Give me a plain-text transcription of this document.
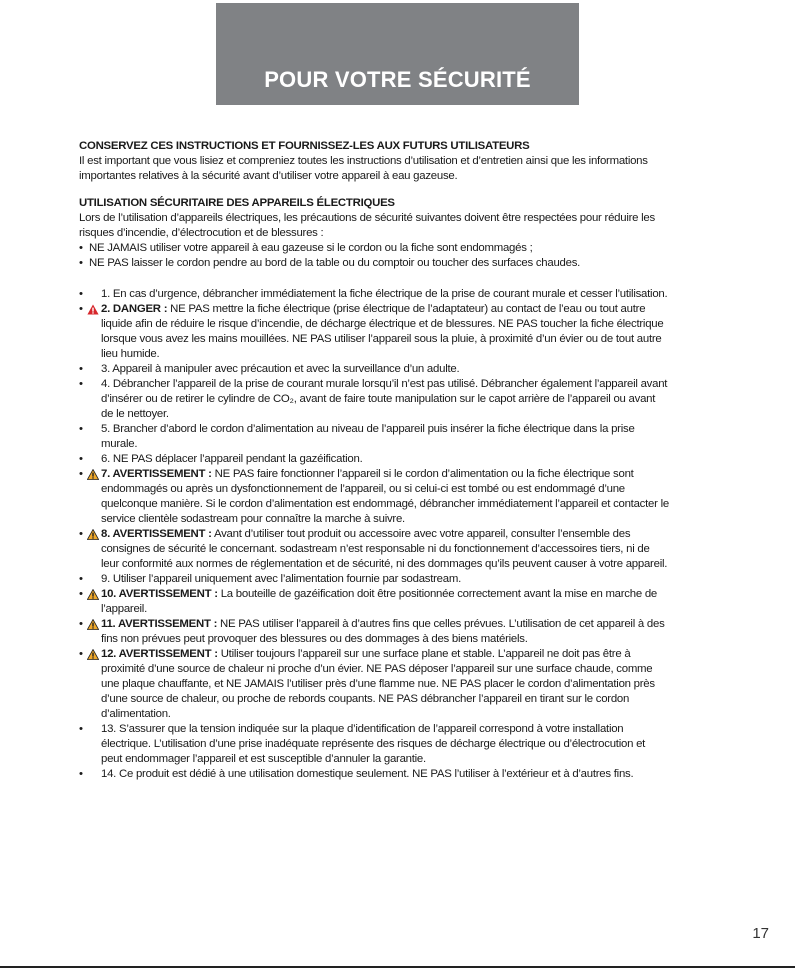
POUR VOTRE SÉCURITÉ

CONSERVEZ CES INSTRUCTIONS ET FOURNISSEZ-LES AUX FUTURS UTILISATEURS

Il est important que vous lisiez et compreniez toutes les instructions d’utilisation et d’entretien ainsi que les informations importantes relatives à la sécurité avant d’utiliser votre appareil à eau gazeuse.

UTILISATION SÉCURITAIRE DES APPAREILS ÉLECTRIQUES

Lors de l’utilisation d’appareils électriques, les précautions de sécurité suivantes doivent être respectées pour réduire les risques d’incendie, d’électrocution et de blessures :

• NE JAMAIS utiliser votre appareil à eau gazeuse si le cordon ou la fiche sont endommagés ;
• NE PAS laisser le cordon pendre au bord de la table ou du comptoir ou toucher des surfaces chaudes.
•	1. En cas d’urgence, débrancher immédiatement la fiche électrique de la prise de courant murale et cesser l’utilisation.
•	2. DANGER : NE PAS mettre la fiche électrique (prise électrique de l’adaptateur) au contact de l’eau ou tout autre liquide afin de réduire le risque d’incendie, de décharge électrique et de blessures. NE PAS toucher la fiche électrique lorsque vous avez les mains mouillées. NE PAS utiliser l’appareil sous la pluie, à proximité d’un évier ou de tout autre lieu humide.
•	3. Appareil à manipuler avec précaution et avec la surveillance d’un adulte.
•	4. Débrancher l’appareil de la prise de courant murale lorsqu’il n’est pas utilisé. Débrancher également l’appareil avant d’insérer ou de retirer le cylindre de CO₂, avant de faire toute manipulation sur le capot arrière de l’appareil ou avant de le nettoyer.
•	5. Brancher d’abord le cordon d’alimentation au niveau de l’appareil puis insérer la fiche électrique dans la prise murale.
•	6. NE PAS déplacer l’appareil pendant la gazéification.
•	7. AVERTISSEMENT : NE PAS faire fonctionner l’appareil si le cordon d’alimentation ou la fiche électrique sont endommagés ou après un dysfonctionnement de l’appareil, ou si celui-ci est tombé ou est endommagé d’une quelconque manière. Si le cordon d’alimentation est endommagé, débrancher immédiatement l’appareil et contacter le service clientèle sodastream pour connaître la marche à suivre.
•	8. AVERTISSEMENT : Avant d’utiliser tout produit ou accessoire avec votre appareil, consulter l’ensemble des consignes de sécurité le concernant. sodastream n’est responsable ni du fonctionnement d’accessoires tiers, ni de leur conformité aux normes de réglementation et de sécurité, ni des dommages qu’ils peuvent causer à votre appareil.
•	9. Utiliser l’appareil uniquement avec l’alimentation fournie par sodastream.
•	10. AVERTISSEMENT : La bouteille de gazéification doit être positionnée correctement avant la mise en marche de l’appareil.
•	11. AVERTISSEMENT : NE PAS utiliser l’appareil à d’autres fins que celles prévues. L’utilisation de cet appareil à des fins non prévues peut provoquer des blessures ou des dommages à des biens matériels.
•	12. AVERTISSEMENT : Utiliser toujours l’appareil sur une surface plane et stable. L’appareil ne doit pas être à proximité d’une source de chaleur ni proche d’un évier. NE PAS déposer l’appareil sur une surface chaude, comme une plaque chauffante, et NE JAMAIS l’utiliser près d’une flamme nue. NE PAS placer le cordon d’alimentation près d’une source de chaleur, ou proche de rebords coupants. NE PAS débrancher l’appareil en tirant sur le cordon d’alimentation.
•	13. S’assurer que la tension indiquée sur la plaque d’identification de l’appareil correspond à votre installation électrique. L’utilisation d’une prise inadéquate représente des risques de décharge électrique ou d’électrocution et peut endommager l’appareil et est susceptible d’annuler la garantie.
•	14. Ce produit est dédié à une utilisation domestique seulement. NE PAS l’utiliser à l’extérieur et à d’autres fins.
17
